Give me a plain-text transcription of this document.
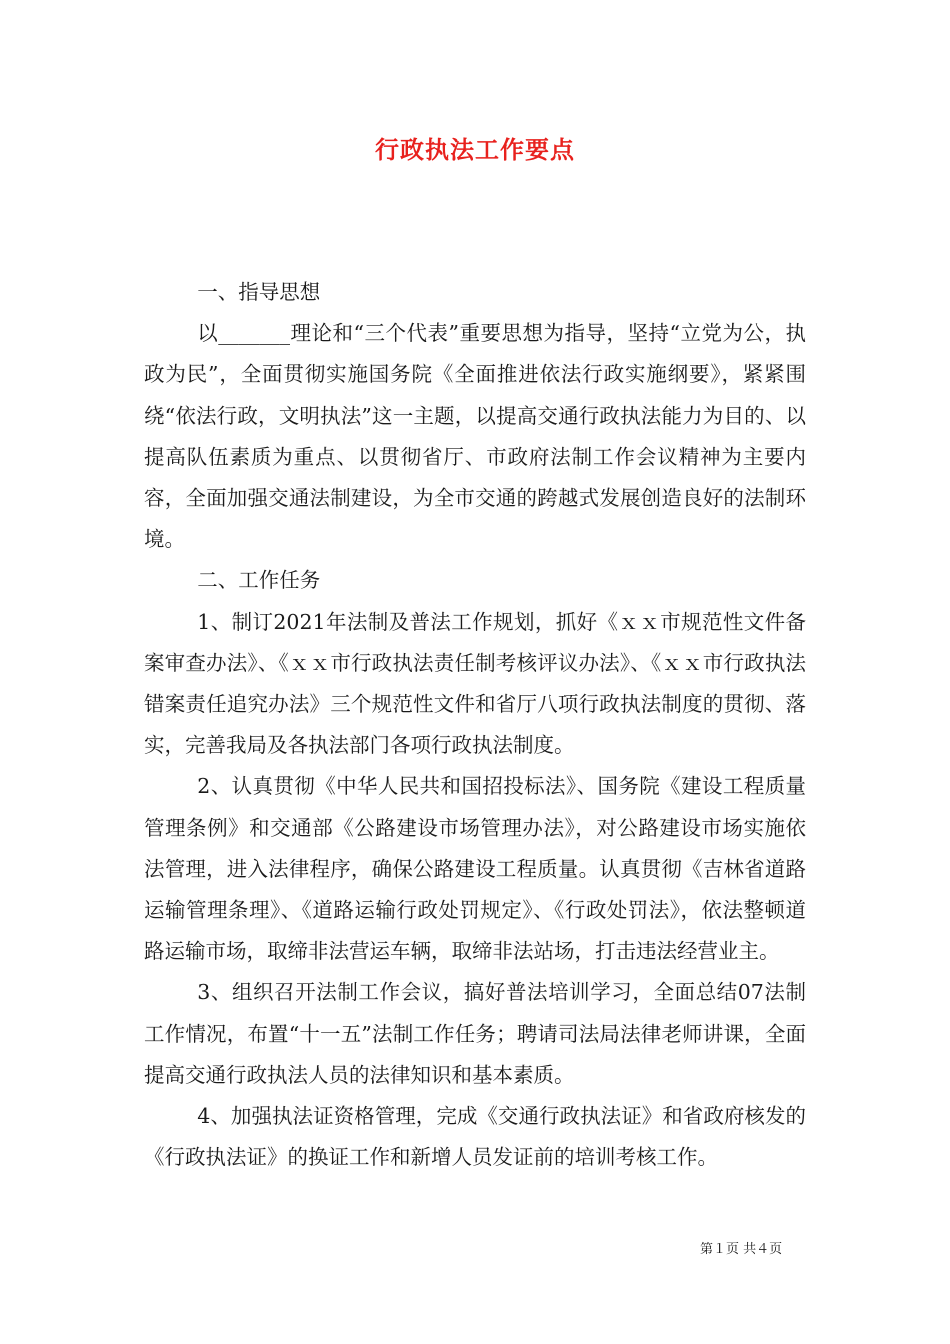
行政执法工作要点

一、指导思想

以_______理论和“三个代表”重要思想为指导，坚持“立党为公，执政为民”，全面贯彻实施国务院《全面推进依法行政实施纲要》，紧紧围绕“依法行政，文明执法”这一主题，以提高交通行政执法能力为目的、以提高队伍素质为重点、以贯彻省厅、市政府法制工作会议精神为主要内容，全面加强交通法制建设，为全市交通的跨越式发展创造良好的法制环境。

二、工作任务

1、制订2021年法制及普法工作规划，抓好《ｘｘ市规范性文件备案审查办法》、《ｘｘ市行政执法责任制考核评议办法》、《ｘｘ市行政执法错案责任追究办法》三个规范性文件和省厅八项行政执法制度的贯彻、落实，完善我局及各执法部门各项行政执法制度。

2、认真贯彻《中华人民共和国招投标法》、国务院《建设工程质量管理条例》和交通部《公路建设市场管理办法》，对公路建设市场实施依法管理，进入法律程序，确保公路建设工程质量。认真贯彻《吉林省道路运输管理条理》、《道路运输行政处罚规定》、《行政处罚法》，依法整顿道路运输市场，取缔非法营运车辆，取缔非法站场，打击违法经营业主。

3、组织召开法制工作会议，搞好普法培训学习，全面总结07法制工作情况，布置“十一五”法制工作任务；聘请司法局法律老师讲课，全面提高交通行政执法人员的法律知识和基本素质。

4、加强执法证资格管理，完成《交通行政执法证》和省政府核发的《行政执法证》的换证工作和新增人员发证前的培训考核工作。

第１页 共４页
